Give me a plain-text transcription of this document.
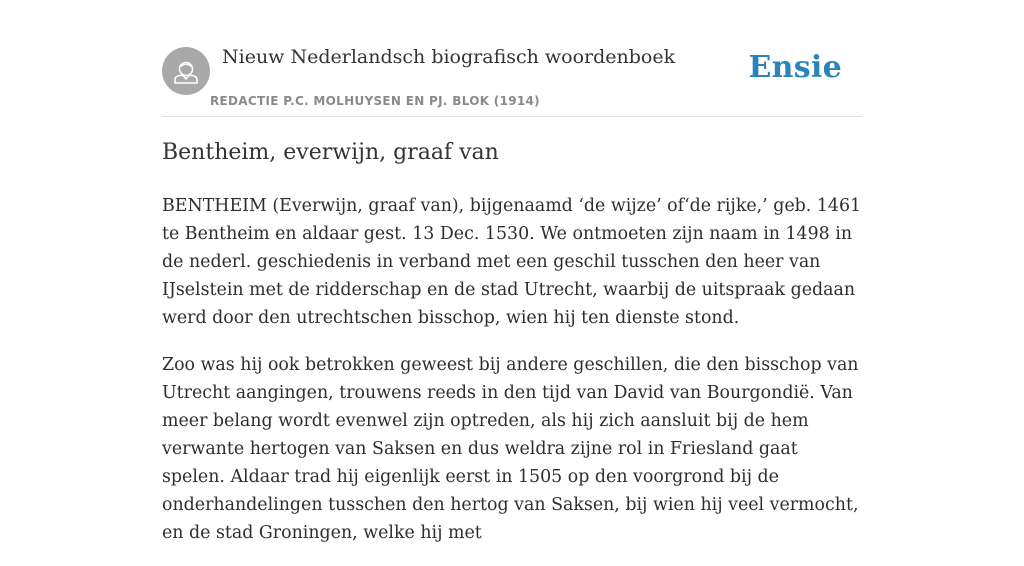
Nieuw Nederlandsch biografisch woordenboek
REDACTIE P.C. MOLHUYSEN EN PJ. BLOK (1914)
Ensie
Bentheim, everwijn, graaf van

BENTHEIM (Everwijn, graaf van), bijgenaamd ‘de wijze’ of‘de rijke,’ geb. 1461 te Bentheim en aldaar gest. 13 Dec. 1530. We ontmoeten zijn naam in 1498 in de nederl. geschiedenis in verband met een geschil tusschen den heer van IJselstein met de ridderschap en de stad Utrecht, waarbij de uitspraak gedaan werd door den utrechtschen bisschop, wien hij ten dienste stond.

Zoo was hij ook betrokken geweest bij andere geschillen, die den bisschop van Utrecht aangingen, trouwens reeds in den tijd van David van Bourgondië. Van meer belang wordt evenwel zijn optreden, als hij zich aansluit bij de hem verwante hertogen van Saksen en dus weldra zijne rol in Friesland gaat spelen. Aldaar trad hij eigenlijk eerst in 1505 op den voorgrond bij de onderhandelingen tusschen den hertog van Saksen, bij wien hij veel vermocht, en de stad Groningen, welke hij met
